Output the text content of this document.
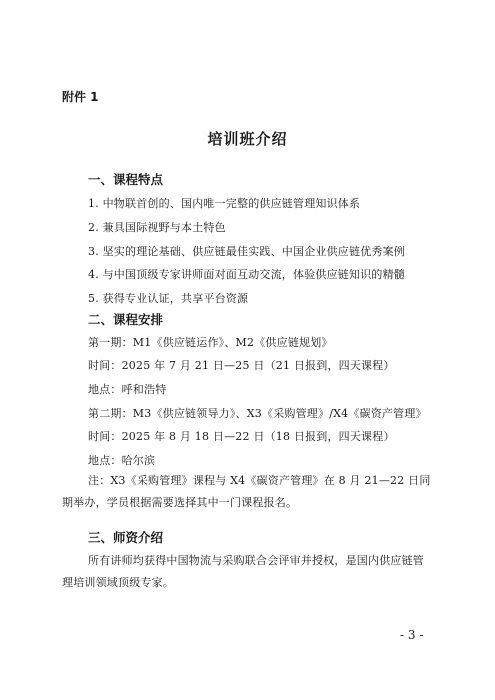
附件 1
培训班介绍
一、课程特点
1. 中物联首创的、国内唯一完整的供应链管理知识体系
2. 兼具国际视野与本土特色
3. 坚实的理论基础、供应链最佳实践、中国企业供应链优秀案例
4. 与中国顶级专家讲师面对面互动交流，体验供应链知识的精髓
5. 获得专业认证，共享平台资源
二、课程安排
第一期：M1《供应链运作》、M2《供应链规划》
时间：2025 年 7 月 21 日—25 日（21 日报到，四天课程）
地点：呼和浩特
第二期：M3《供应链领导力》、X3《采购管理》/X4《碳资产管理》
时间：2025 年 8 月 18 日—22 日（18 日报到，四天课程）
地点：哈尔滨
注：X3《采购管理》课程与 X4《碳资产管理》在 8 月 21—22 日同期举办，学员根据需要选择其中一门课程报名。
三、师资介绍
所有讲师均获得中国物流与采购联合会评审并授权，是国内供应链管理培训领域顶级专家。
- 3 -
